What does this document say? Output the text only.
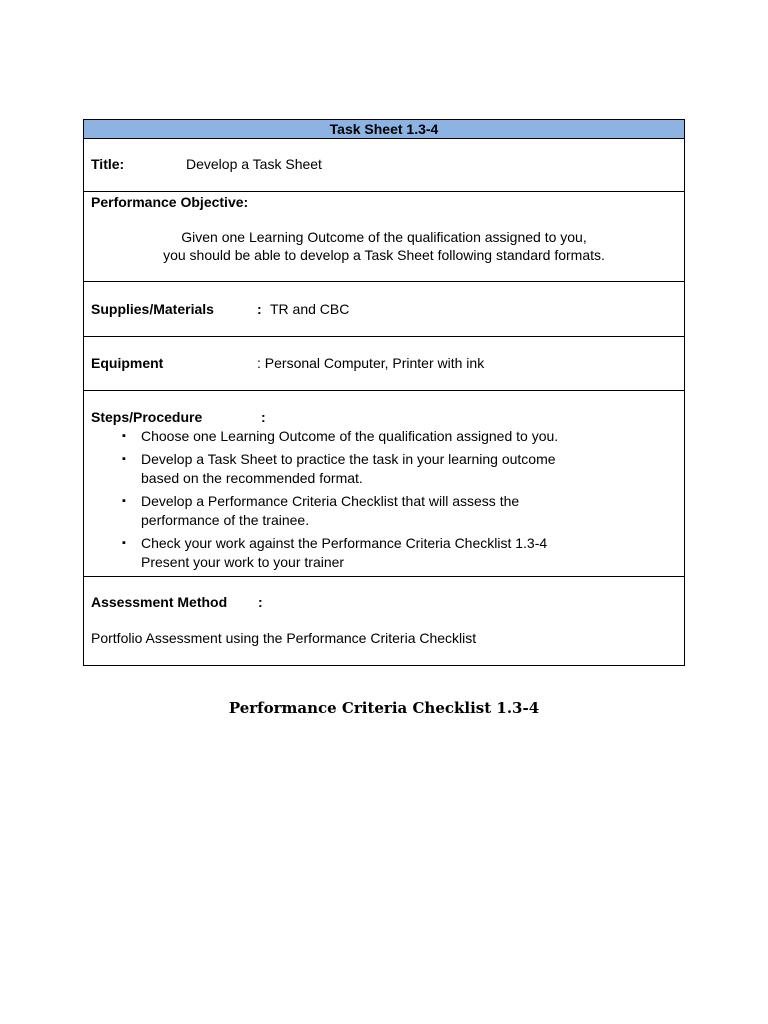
Task Sheet 1.3-4
Title:	Develop a Task Sheet
Performance Objective:
Given one Learning Outcome of the qualification assigned to you,
you should be able to develop a Task Sheet following standard formats.
Supplies/Materials	: TR and CBC
Equipment	: Personal Computer, Printer with ink
Steps/Procedure	:
▪ Choose one Learning Outcome of the qualification assigned to you.
▪ Develop a Task Sheet to practice the task in your learning outcome based on the recommended format.
▪ Develop a Performance Criteria Checklist that will assess the performance of the trainee.
▪ Check your work against the Performance Criteria Checklist 1.3-4 Present your work to your trainer
Assessment Method :
Portfolio Assessment using the Performance Criteria Checklist
Performance Criteria Checklist 1.3-4
